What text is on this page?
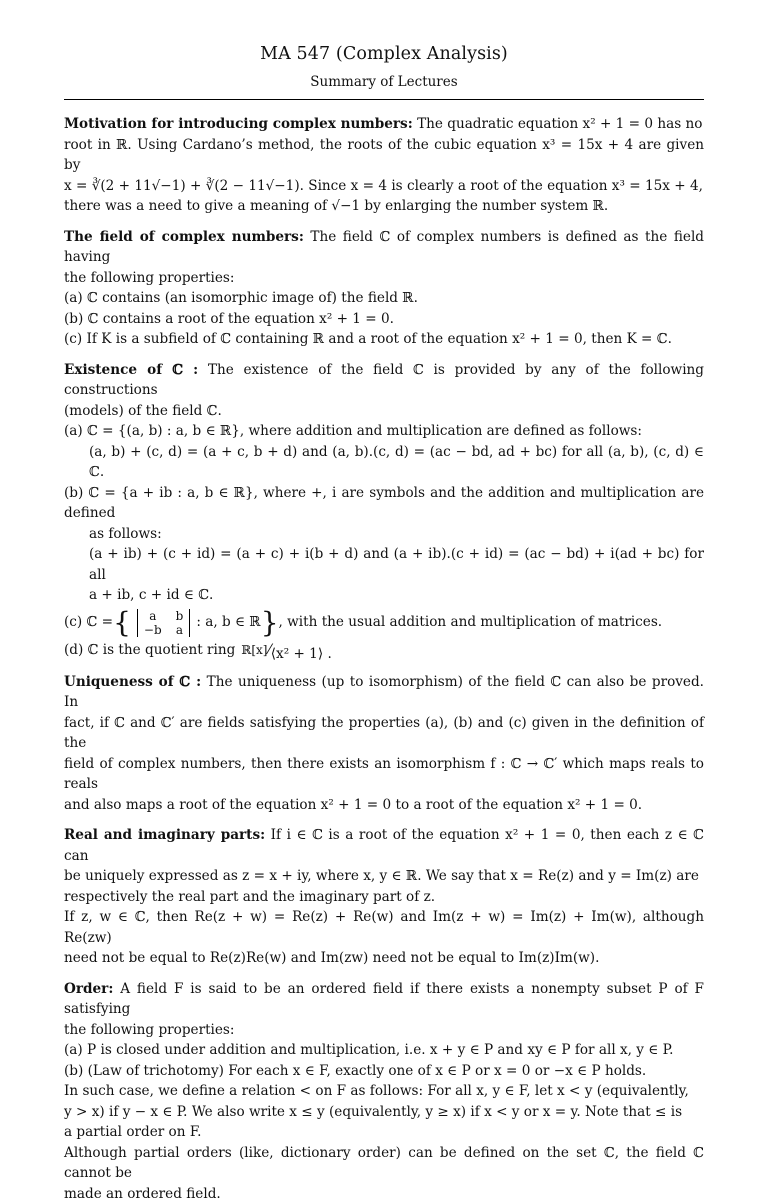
MA 547 (Complex Analysis)
Summary of Lectures

Motivation for introducing complex numbers: The quadratic equation x² + 1 = 0 has no

root in ℝ. Using Cardano’s method, the roots of the cubic equation x³ = 15x + 4 are given by

x = ∛(2 + 11√−1) + ∛(2 − 11√−1). Since x = 4 is clearly a root of the equation x³ = 15x + 4,

there was a need to give a meaning of √−1 by enlarging the number system ℝ.

The field of complex numbers: The field ℂ of complex numbers is defined as the field having

the following properties:

(a) ℂ contains (an isomorphic image of) the field ℝ.

(b) ℂ contains a root of the equation x² + 1 = 0.

(c) If K is a subfield of ℂ containing ℝ and a root of the equation x² + 1 = 0, then K = ℂ.

Existence of ℂ : The existence of the field ℂ is provided by any of the following constructions

(models) of the field ℂ.

(a) ℂ = {(a, b) : a, b ∈ ℝ}, where addition and multiplication are defined as follows:

(a, b) + (c, d) = (a + c, b + d) and (a, b).(c, d) = (ac − bd, ad + bc) for all (a, b), (c, d) ∈ ℂ.

(b) ℂ = {a + ib : a, b ∈ ℝ}, where +, i are symbols and the addition and multiplication are defined

as follows:

(a + ib) + (c + id) = (a + c) + i(b + d) and (a + ib).(c + id) = (ac − bd) + i(ad + bc) for all

a + ib, c + id ∈ ℂ.

(c) ℂ = {	a	b
−b a : a, b ∈ ℝ } , with the usual addition and multiplication of matrices.
(d) ℂ is the quotient ring ℝ[x] ⁄ ⟨x² + 1⟩ .

Uniqueness of ℂ : The uniqueness (up to isomorphism) of the field ℂ can also be proved. In

fact, if ℂ and ℂ′ are fields satisfying the properties (a), (b) and (c) given in the definition of the

field of complex numbers, then there exists an isomorphism f : ℂ → ℂ′ which maps reals to reals

and also maps a root of the equation x² + 1 = 0 to a root of the equation x² + 1 = 0.

Real and imaginary parts: If i ∈ ℂ is a root of the equation x² + 1 = 0, then each z ∈ ℂ can

be uniquely expressed as z = x + iy, where x, y ∈ ℝ. We say that x = Re(z) and y = Im(z) are

respectively the real part and the imaginary part of z.

If z, w ∈ ℂ, then Re(z + w) = Re(z) + Re(w) and Im(z + w) = Im(z) + Im(w), although Re(zw)

need not be equal to Re(z)Re(w) and Im(zw) need not be equal to Im(z)Im(w).

Order: A field F is said to be an ordered field if there exists a nonempty subset P of F satisfying

the following properties:

(a) P is closed under addition and multiplication, i.e. x + y ∈ P and xy ∈ P for all x, y ∈ P.

(b) (Law of trichotomy) For each x ∈ F, exactly one of x ∈ P or x = 0 or −x ∈ P holds.

In such case, we define a relation < on F as follows: For all x, y ∈ F, let x < y (equivalently,

y > x) if y − x ∈ P. We also write x ≤ y (equivalently, y ≥ x) if x < y or x = y. Note that ≤ is

a partial order on F.

Although partial orders (like, dictionary order) can be defined on the set ℂ, the field ℂ cannot be

made an ordered field.
